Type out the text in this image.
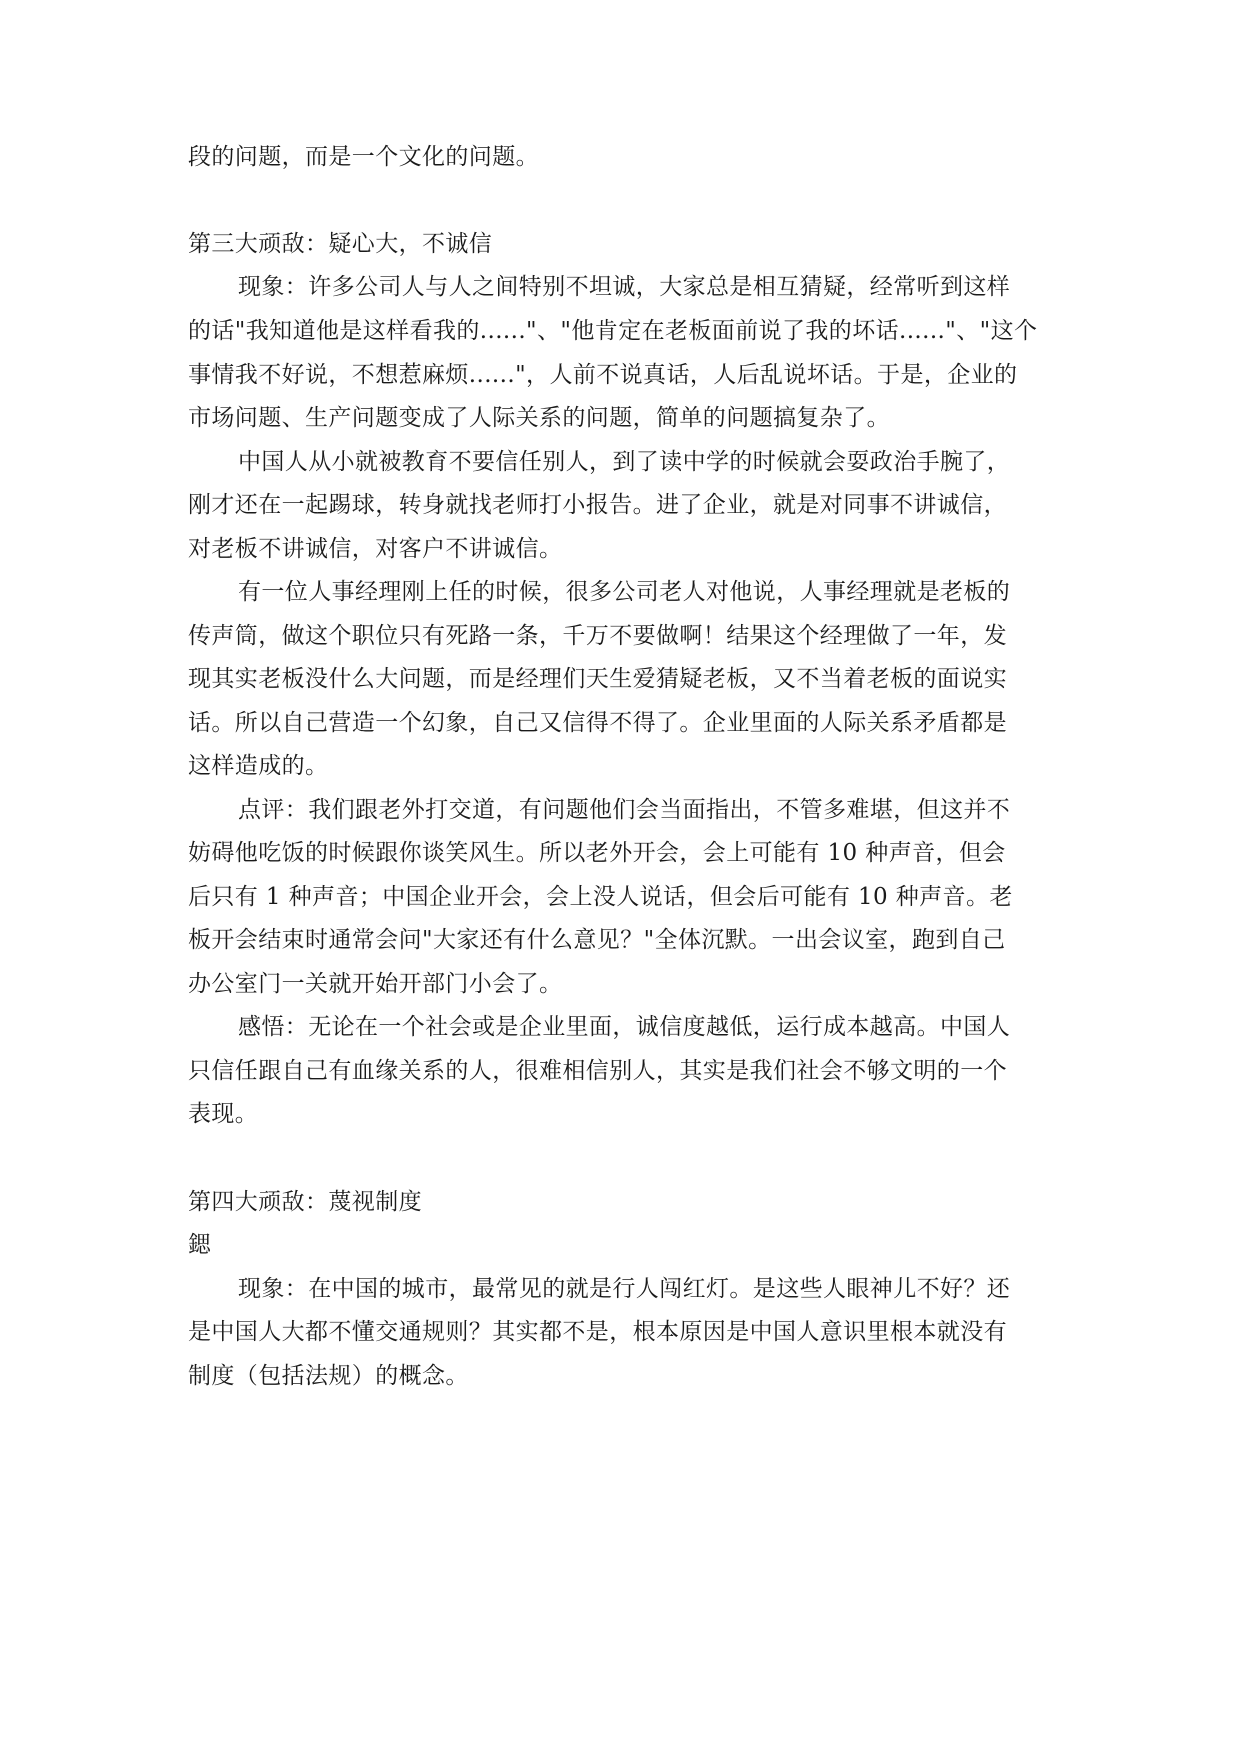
段的问题，而是一个文化的问题。
第三大顽敌：疑心大，不诚信
现象：许多公司人与人之间特别不坦诚，大家总是相互猜疑，经常听到这样
的话"我知道他是这样看我的......"、"他肯定在老板面前说了我的坏话......"、"这个
事情我不好说，不想惹麻烦......"，人前不说真话，人后乱说坏话。于是，企业的
市场问题、生产问题变成了人际关系的问题，简单的问题搞复杂了。
中国人从小就被教育不要信任别人，到了读中学的时候就会耍政治手腕了，
刚才还在一起踢球，转身就找老师打小报告。进了企业，就是对同事不讲诚信，
对老板不讲诚信，对客户不讲诚信。
有一位人事经理刚上任的时候，很多公司老人对他说，人事经理就是老板的
传声筒，做这个职位只有死路一条，千万不要做啊！结果这个经理做了一年，发
现其实老板没什么大问题，而是经理们天生爱猜疑老板，又不当着老板的面说实
话。所以自己营造一个幻象，自己又信得不得了。企业里面的人际关系矛盾都是
这样造成的。
点评：我们跟老外打交道，有问题他们会当面指出，不管多难堪，但这并不
妨碍他吃饭的时候跟你谈笑风生。所以老外开会，会上可能有 10 种声音，但会
后只有 1 种声音；中国企业开会，会上没人说话，但会后可能有 10 种声音。老
板开会结束时通常会问"大家还有什么意见？"全体沉默。一出会议室，跑到自己
办公室门一关就开始开部门小会了。
感悟：无论在一个社会或是企业里面，诚信度越低，运行成本越高。中国人
只信任跟自己有血缘关系的人，很难相信别人，其实是我们社会不够文明的一个
表现。
第四大顽敌：蔑视制度
鍶
现象：在中国的城市，最常见的就是行人闯红灯。是这些人眼神儿不好？还
是中国人大都不懂交通规则？其实都不是，根本原因是中国人意识里根本就没有
制度（包括法规）的概念。
